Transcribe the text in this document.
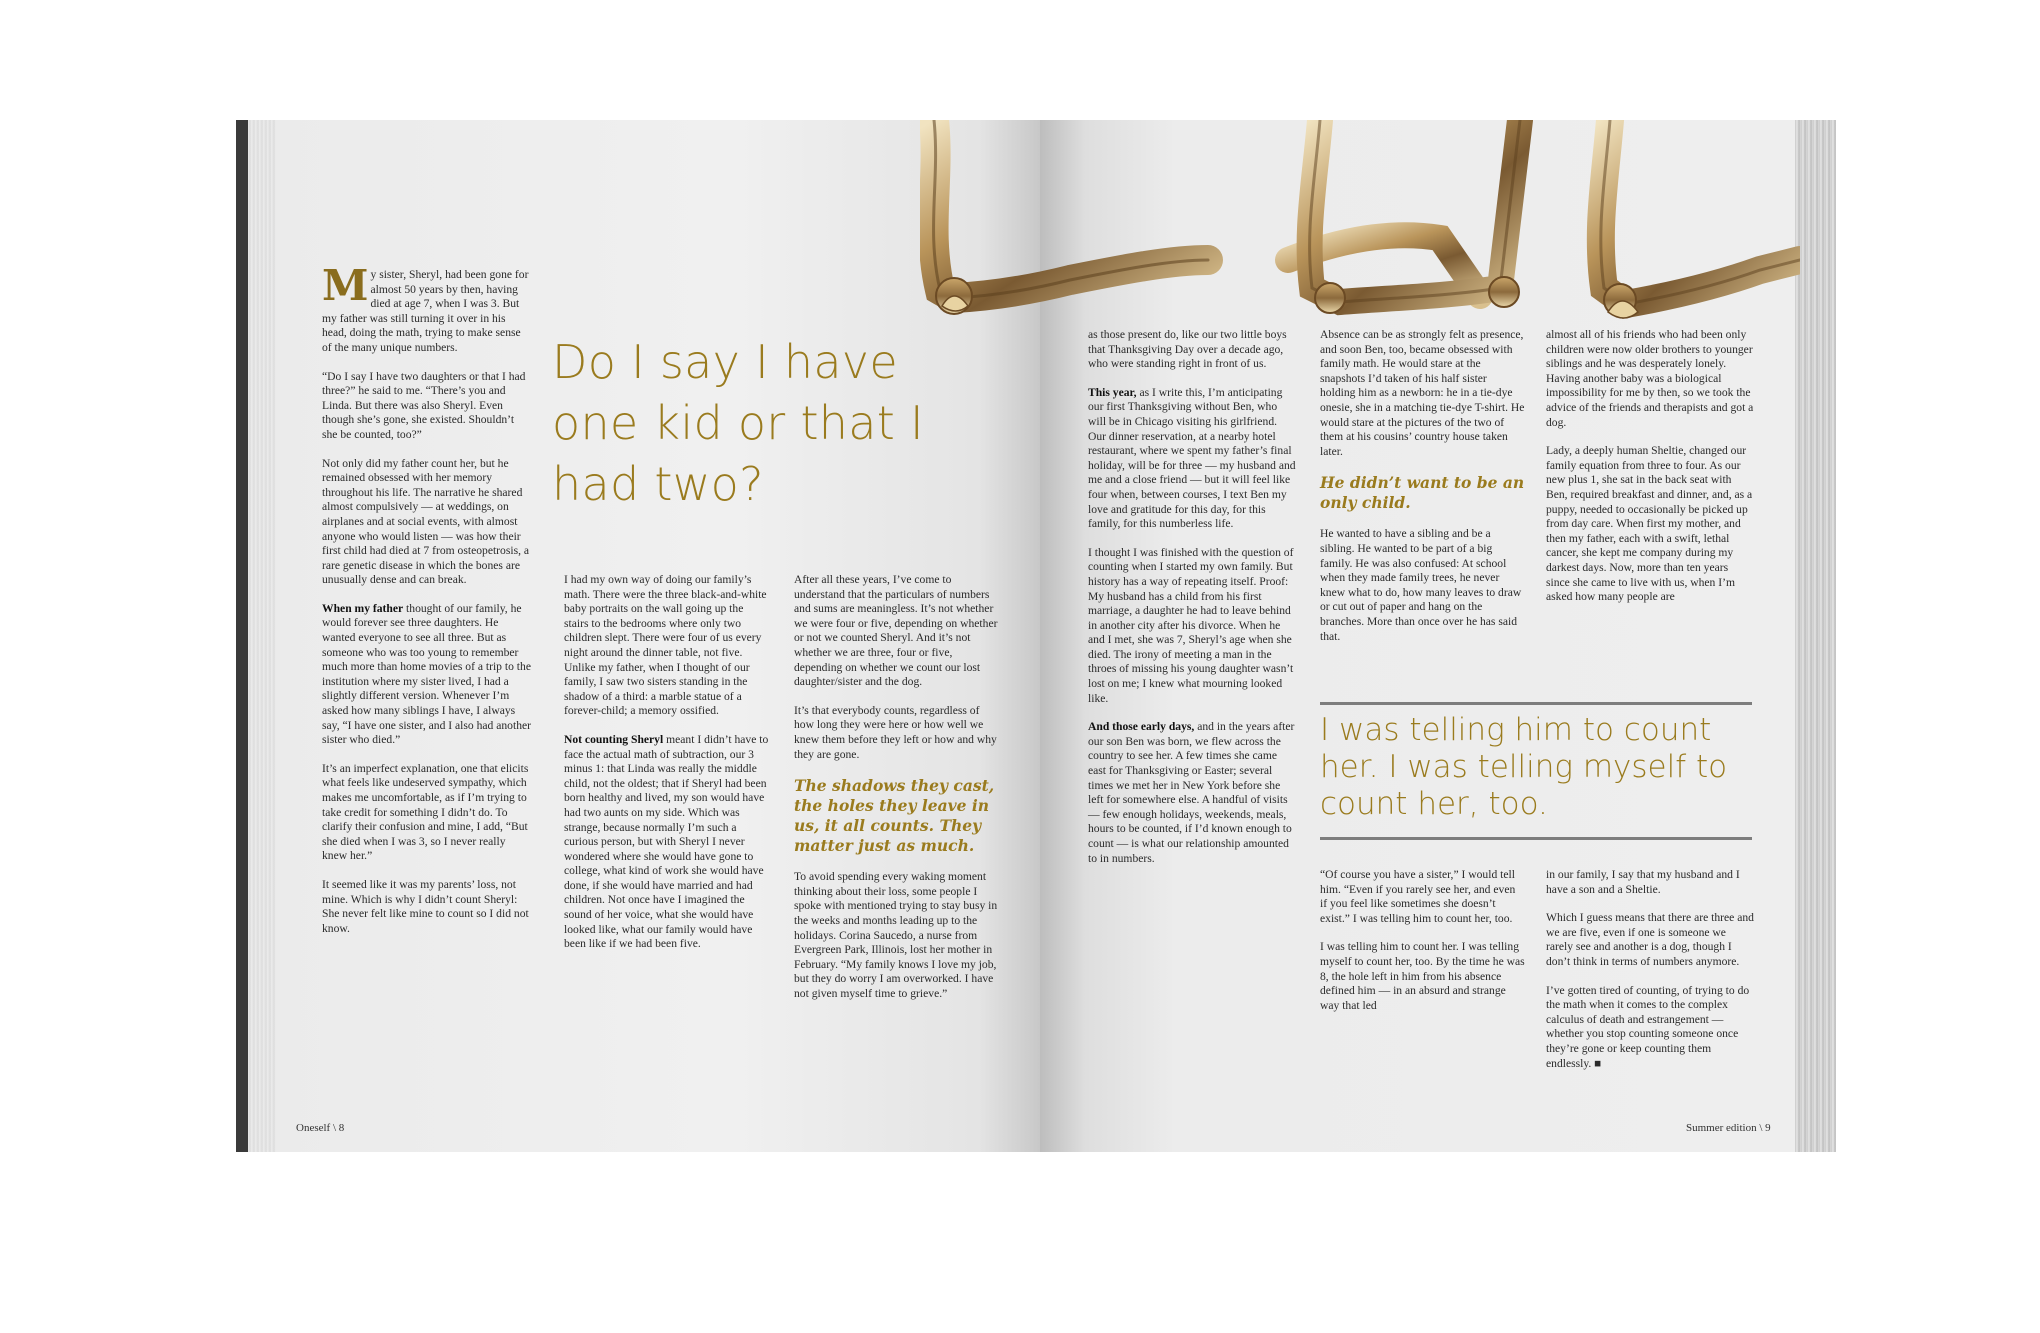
My sister, Sheryl, had been gone for almost 50 years by then, having died at age 7, when I was 3. But my father was still turning it over in his head, doing the math, trying to make sense of the many unique numbers.

“Do I say I have two daughters or that I had three?” he said to me. “There’s you and Linda. But there was also Sheryl. Even though she’s gone, she existed. Shouldn’t she be counted, too?”

Not only did my father count her, but he remained obsessed with her memory throughout his life. The narrative he shared almost compulsively — at weddings, on airplanes and at social events, with almost anyone who would listen — was how their first child had died at 7 from osteopetrosis, a rare genetic disease in which the bones are unusually dense and can break.

When my father thought of our family, he would forever see three daughters. He wanted everyone to see all three. But as someone who was too young to remember much more than home movies of a trip to the institution where my sister lived, I had a slightly different version. Whenever I’m asked how many siblings I have, I always say, “I have one sister, and I also had another sister who died.”

It’s an imperfect explanation, one that elicits what feels like undeserved sympathy, which makes me uncomfortable, as if I’m trying to take credit for something I didn’t do. To clarify their confusion and mine, I add, “But she died when I was 3, so I never really knew her.”

It seemed like it was my parents’ loss, not mine. Which is why I didn’t count Sheryl: She never felt like mine to count so I did not know.

Do I say I have one kid or that I had two?

I had my own way of doing our family’s math. There were the three black-and-white baby portraits on the wall going up the stairs to the bedrooms where only two children slept. There were four of us every night around the dinner table, not five. Unlike my father, when I thought of our family, I saw two sisters standing in the shadow of a third: a marble statue of a forever-child; a memory ossified.

Not counting Sheryl meant I didn’t have to face the actual math of subtraction, our 3 minus 1: that Linda was really the middle child, not the oldest; that if Sheryl had been born healthy and lived, my son would have had two aunts on my side. Which was strange, because normally I’m such a curious person, but with Sheryl I never wondered where she would have gone to college, what kind of work she would have done, if she would have married and had children. Not once have I imagined the sound of her voice, what she would have looked like, what our family would have been like if we had been five.

After all these years, I’ve come to understand that the particulars of numbers and sums are meaningless. It’s not whether we were four or five, depending on whether or not we counted Sheryl. And it’s not whether we are three, four or five, depending on whether we count our lost daughter/sister and the dog.

It’s that everybody counts, regardless of how long they were here or how well we knew them before they left or how and why they are gone.

The shadows they cast, the holes they leave in us, it all counts. They matter just as much.

To avoid spending every waking moment thinking about their loss, some people I spoke with mentioned trying to stay busy in the weeks and months leading up to the holidays. Corina Saucedo, a nurse from Evergreen Park, Illinois, lost her mother in February. “My family knows I love my job, but they do worry I am overworked. I have not given myself time to grieve.”

as those present do, like our two little boys that Thanksgiving Day over a decade ago, who were standing right in front of us.

This year, as I write this, I’m anticipating our first Thanksgiving without Ben, who will be in Chicago visiting his girlfriend. Our dinner reservation, at a nearby hotel restaurant, where we spent my father’s final holiday, will be for three — my husband and me and a close friend — but it will feel like four when, between courses, I text Ben my love and gratitude for this day, for this family, for this numberless life.

I thought I was finished with the question of counting when I started my own family. But history has a way of repeating itself. Proof: My husband has a child from his first marriage, a daughter he had to leave behind in another city after his divorce. When he and I met, she was 7, Sheryl’s age when she died. The irony of meeting a man in the throes of missing his young daughter wasn’t lost on me; I knew what mourning looked like.

And those early days, and in the years after our son Ben was born, we flew across the country to see her. A few times she came east for Thanksgiving or Easter; several times we met her in New York before she left for somewhere else. A handful of visits — few enough holidays, weekends, meals, hours to be counted, if I’d known enough to count — is what our relationship amounted to in numbers.

Absence can be as strongly felt as presence, and soon Ben, too, became obsessed with family math. He would stare at the snapshots I’d taken of his half sister holding him as a newborn: he in a tie-dye onesie, she in a matching tie-dye T-shirt. He would stare at the pictures of the two of them at his cousins’ country house taken later.

He didn’t want to be an only child.

He wanted to have a sibling and be a sibling. He wanted to be part of a big family. He was also confused: At school when they made family trees, he never knew what to do, how many leaves to draw or cut out of paper and hang on the branches. More than once over he has said that.

almost all of his friends who had been only children were now older brothers to younger siblings and he was desperately lonely. Having another baby was a biological impossibility for me by then, so we took the advice of the friends and therapists and got a dog.

Lady, a deeply human Sheltie, changed our family equation from three to four. As our new plus 1, she sat in the back seat with Ben, required breakfast and dinner, and, as a puppy, needed to occasionally be picked up from day care. When first my mother, and then my father, each with a swift, lethal cancer, she kept me company during my darkest days. Now, more than ten years since she came to live with us, when I’m asked how many people are

I was telling him to count her. I was telling myself to count her, too.

“Of course you have a sister,” I would tell him. “Even if you rarely see her, and even if you feel like sometimes she doesn’t exist.” I was telling him to count her, too.

I was telling him to count her. I was telling myself to count her, too. By the time he was 8, the hole left in him from his absence defined him — in an absurd and strange way that led

in our family, I say that my husband and I have a son and a Sheltie.

Which I guess means that there are three and we are five, even if one is someone we rarely see and another is a dog, though I don’t think in terms of numbers anymore.

I’ve gotten tired of counting, of trying to do the math when it comes to the complex calculus of death and estrangement — whether you stop counting someone once they’re gone or keep counting them endlessly. ■

Oneself \ 8	Summer edition \ 9
